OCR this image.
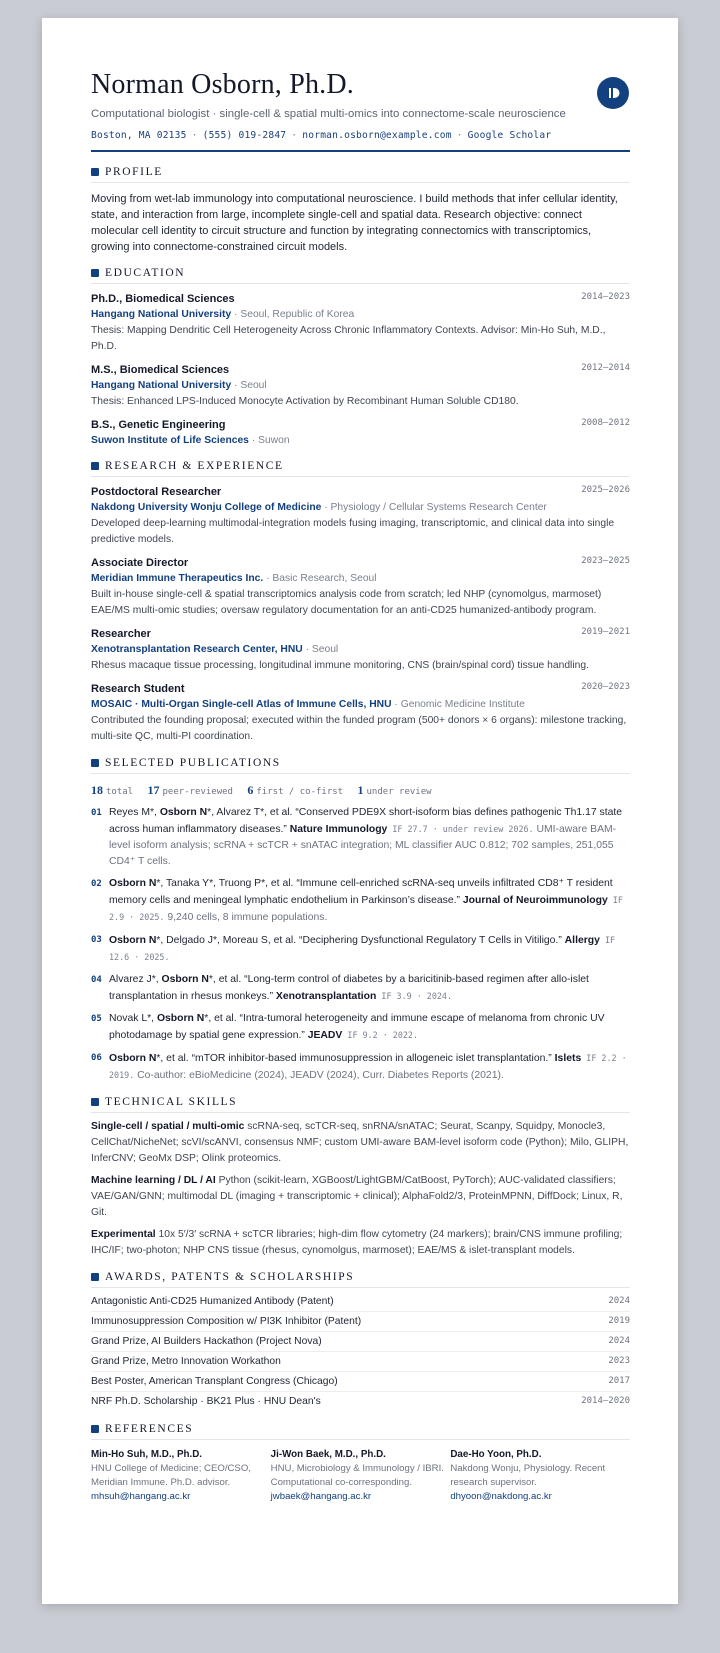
Norman Osborn, Ph.D.
Computational biologist · single-cell & spatial multi-omics into connectome-scale neuroscience
Boston, MA 02135 · (555) 019-2847 · norman.osborn@example.com · Google Scholar
PROFILE
Moving from wet-lab immunology into computational neuroscience. I build methods that infer cellular identity, state, and interaction from large, incomplete single-cell and spatial data. Research objective: connect molecular cell identity to circuit structure and function by integrating connectomics with transcriptomics, growing into connectome-constrained circuit models.
EDUCATION
Ph.D., Biomedical Sciences	2014–2023
Hangang National University · Seoul, Republic of Korea
Thesis: Mapping Dendritic Cell Heterogeneity Across Chronic Inflammatory Contexts. Advisor: Min-Ho Suh, M.D., Ph.D.
M.S., Biomedical Sciences	2012–2014
Hangang National University · Seoul
Thesis: Enhanced LPS-Induced Monocyte Activation by Recombinant Human Soluble CD180.
B.S., Genetic Engineering	2008–2012
Suwon Institute of Life Sciences · Suwon
RESEARCH & EXPERIENCE
Postdoctoral Researcher	2025–2026
Nakdong University Wonju College of Medicine · Physiology / Cellular Systems Research Center
Developed deep-learning multimodal-integration models fusing imaging, transcriptomic, and clinical data into single predictive models.
Associate Director	2023–2025
Meridian Immune Therapeutics Inc. · Basic Research, Seoul
Built in-house single-cell & spatial transcriptomics analysis code from scratch; led NHP (cynomolgus, marmoset) EAE/MS multi-omic studies; oversaw regulatory documentation for an anti-CD25 humanized-antibody program.
Researcher	2019–2021
Xenotransplantation Research Center, HNU · Seoul
Rhesus macaque tissue processing, longitudinal immune monitoring, CNS (brain/spinal cord) tissue handling.
Research Student	2020–2023
MOSAIC · Multi-Organ Single-cell Atlas of Immune Cells, HNU · Genomic Medicine Institute
Contributed the founding proposal; executed within the funded program (500+ donors × 6 organs): milestone tracking, multi-site QC, multi-PI coordination.
SELECTED PUBLICATIONS
18 total 17 peer-reviewed 6 first / co-first 1 under review
01 Reyes M*, Osborn N*, Alvarez T*, et al. “Conserved PDE9X short-isoform bias defines pathogenic Th1.17 state across human inflammatory diseases.” Nature Immunology IF 27.7 · under review 2026. UMI-aware BAM-level isoform analysis; scRNA + scTCR + snATAC integration; ML classifier AUC 0.812; 702 samples, 251,055 CD4⁺ T cells.
02 Osborn N*, Tanaka Y*, Truong P*, et al. “Immune cell-enriched scRNA-seq unveils infiltrated CD8⁺ T resident memory cells and meningeal lymphatic endothelium in Parkinson’s disease.” Journal of Neuroimmunology IF 2.9 · 2025. 9,240 cells, 8 immune populations.
03 Osborn N*, Delgado J*, Moreau S, et al. “Deciphering Dysfunctional Regulatory T Cells in Vitiligo.” Allergy IF 12.6 · 2025.
04 Alvarez J*, Osborn N*, et al. “Long-term control of diabetes by a baricitinib-based regimen after allo-islet transplantation in rhesus monkeys.” Xenotransplantation IF 3.9 · 2024.
05 Novak L*, Osborn N*, et al. “Intra-tumoral heterogeneity and immune escape of melanoma from chronic UV photodamage by spatial gene expression.” JEADV IF 9.2 · 2022.
06 Osborn N*, et al. “mTOR inhibitor-based immunosuppression in allogeneic islet transplantation.” Islets IF 2.2 · 2019. Co-author: eBioMedicine (2024), JEADV (2024), Curr. Diabetes Reports (2021).
TECHNICAL SKILLS
Single-cell / spatial / multi-omic scRNA-seq, scTCR-seq, snRNA/snATAC; Seurat, Scanpy, Squidpy, Monocle3, CellChat/NicheNet; scVI/scANVI, consensus NMF; custom UMI-aware BAM-level isoform code (Python); Milo, GLIPH, InferCNV; GeoMx DSP; Olink proteomics.
Machine learning / DL / AI Python (scikit-learn, XGBoost/LightGBM/CatBoost, PyTorch); AUC-validated classifiers; VAE/GAN/GNN; multimodal DL (imaging + transcriptomic + clinical); AlphaFold2/3, ProteinMPNN, DiffDock; Linux, R, Git.
Experimental 10x 5′/3′ scRNA + scTCR libraries; high-dim flow cytometry (24 markers); brain/CNS immune profiling; IHC/IF; two-photon; NHP CNS tissue (rhesus, cynomolgus, marmoset); EAE/MS & islet-transplant models.
AWARDS, PATENTS & SCHOLARSHIPS
Antagonistic Anti-CD25 Humanized Antibody (Patent)	2024
Immunosuppression Composition w/ PI3K Inhibitor (Patent)	2019
Grand Prize, AI Builders Hackathon (Project Nova)	2024
Grand Prize, Metro Innovation Workathon	2023
Best Poster, American Transplant Congress (Chicago)	2017
NRF Ph.D. Scholarship · BK21 Plus · HNU Dean's	2014–2020
REFERENCES
Min-Ho Suh, M.D., Ph.D.
HNU College of Medicine; CEO/CSO, Meridian Immune. Ph.D. advisor.
mhsuh@hangang.ac.kr
Ji-Won Baek, M.D., Ph.D.
HNU, Microbiology & Immunology / IBRI. Computational co-corresponding.
jwbaek@hangang.ac.kr
Dae-Ho Yoon, Ph.D.
Nakdong Wonju, Physiology. Recent research supervisor.
dhyoon@nakdong.ac.kr
